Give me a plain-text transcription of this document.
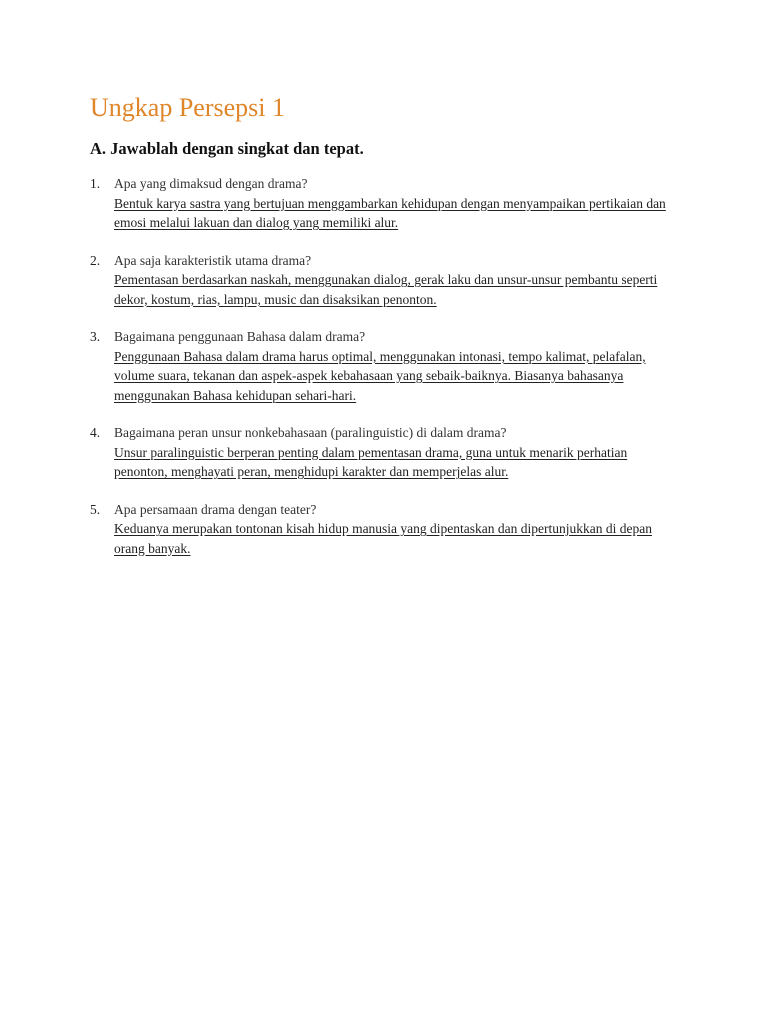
Ungkap Persepsi 1
A. Jawablah dengan singkat dan tepat.
1. Apa yang dimaksud dengan drama?
Bentuk karya sastra yang bertujuan menggambarkan kehidupan dengan menyampaikan pertikaian dan emosi melalui lakuan dan dialog yang memiliki alur.
2. Apa saja karakteristik utama drama?
Pementasan berdasarkan naskah, menggunakan dialog, gerak laku dan unsur-unsur pembantu seperti dekor, kostum, rias, lampu, music dan disaksikan penonton.
3. Bagaimana penggunaan Bahasa dalam drama?
Penggunaan Bahasa dalam drama harus optimal, menggunakan intonasi, tempo kalimat, pelafalan, volume suara, tekanan dan aspek-aspek kebahasaan yang sebaik-baiknya. Biasanya bahasanya menggunakan Bahasa kehidupan sehari-hari.
4. Bagaimana peran unsur nonkebahasaan (paralinguistic) di dalam drama?
Unsur paralinguistic berperan penting dalam pementasan drama, guna untuk menarik perhatian penonton, menghayati peran, menghidupi karakter dan memperjelas alur.
5. Apa persamaan drama dengan teater?
Keduanya merupakan tontonan kisah hidup manusia yang dipentaskan dan dipertunjukkan di depan orang banyak.
